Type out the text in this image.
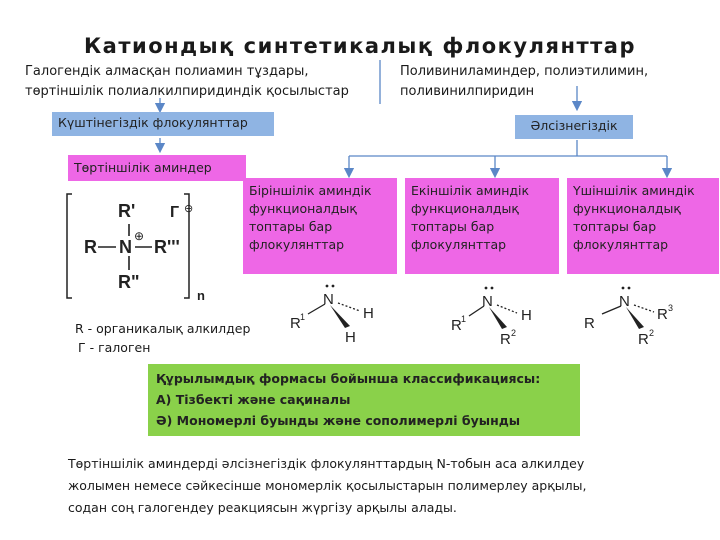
Катиондық синтетикалық флокулянттар
Галогендік алмасқан полиамин тұздары,
төртіншілік полиалкилпиридиндік қосылыстар
Поливиниламиндер, полиэтилимин,
поливинилпиридин
Күштінегіздік флокулянттар	Әлсізнегіздік
Төртіншілік аминдер
Біріншілік аминдік
функционалдық
топтары бар
флокулянттар
Екіншілік аминдік
функционалдық
топтары бар
флокулянттар
Үшіншілік аминдік
функционалдық
топтары бар
флокулянттар
R'
R N
⊕
R'''
R"
Г ⊖
n	N
R 1	H
H
N
R 1	H
R 2
N
R
R 3
R 2
R - органикалық алкилдер
Г - галоген
Құрылымдық формасы бойынша классификациясы:
А) Тізбекті және сақиналы
Ә) Мономерлі буынды және сополимерлі буынды
Төртіншілік аминдерді әлсізнегіздік флокулянттардың N-тобын аса алкилдеу
жолымен немесе сәйкесінше мономерлік қосылыстарын полимерлеу арқылы,
содан соң галогендеу реакциясын жүргізу арқылы алады.
